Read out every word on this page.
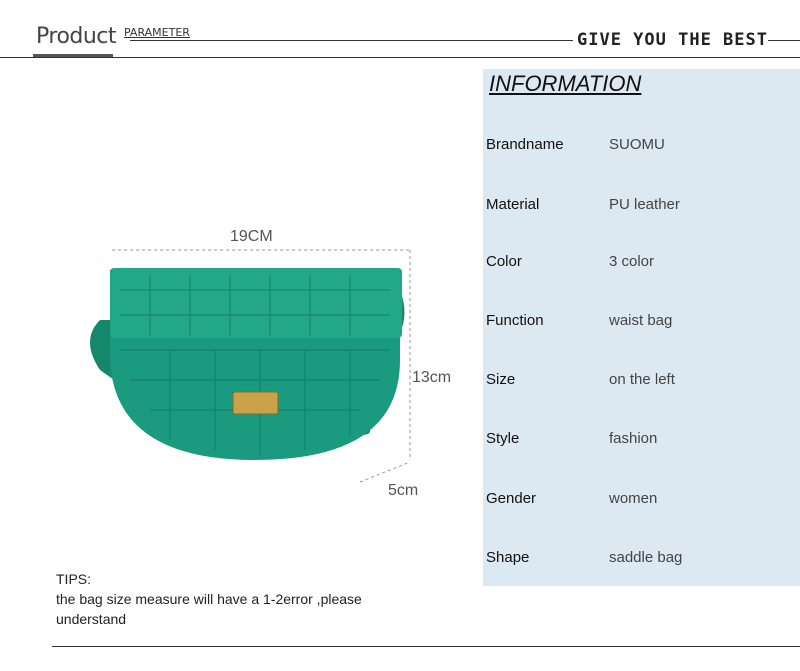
Product PARAMETER	GIVE YOU THE BEST
19CM
13cm
5cm
INFORMATION
Brandname	SUOMU
Material	PU leather
Color	3 color
Function	waist bag
Size	on the left
Style	fashion
Gender	women
Shape	saddle bag
TIPS:
the bag size measure will have a 1-2error ,please understand
